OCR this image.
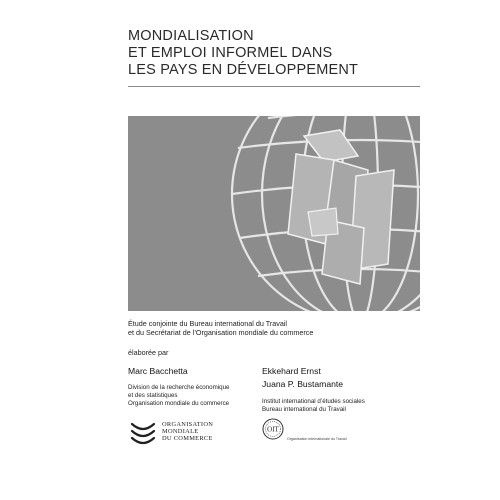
MONDIALISATION
ET EMPLOI INFORMEL DANS
LES PAYS EN DÉVELOPPEMENT
Étude conjointe du Bureau international du Travail
et du Secrétariat de l’Organisation mondiale du commerce
élaborée par
Marc Bacchetta
Division de la recherche économique
et des statistiques
Organisation mondiale du commerce
Ekkehard Ernst
Juana P. Bustamante
Institut international d’études sociales
Bureau international du Travail
ORGANISATION
MONDIALE
DU COMMERCE
OIT
Organisation internationale du Travail
